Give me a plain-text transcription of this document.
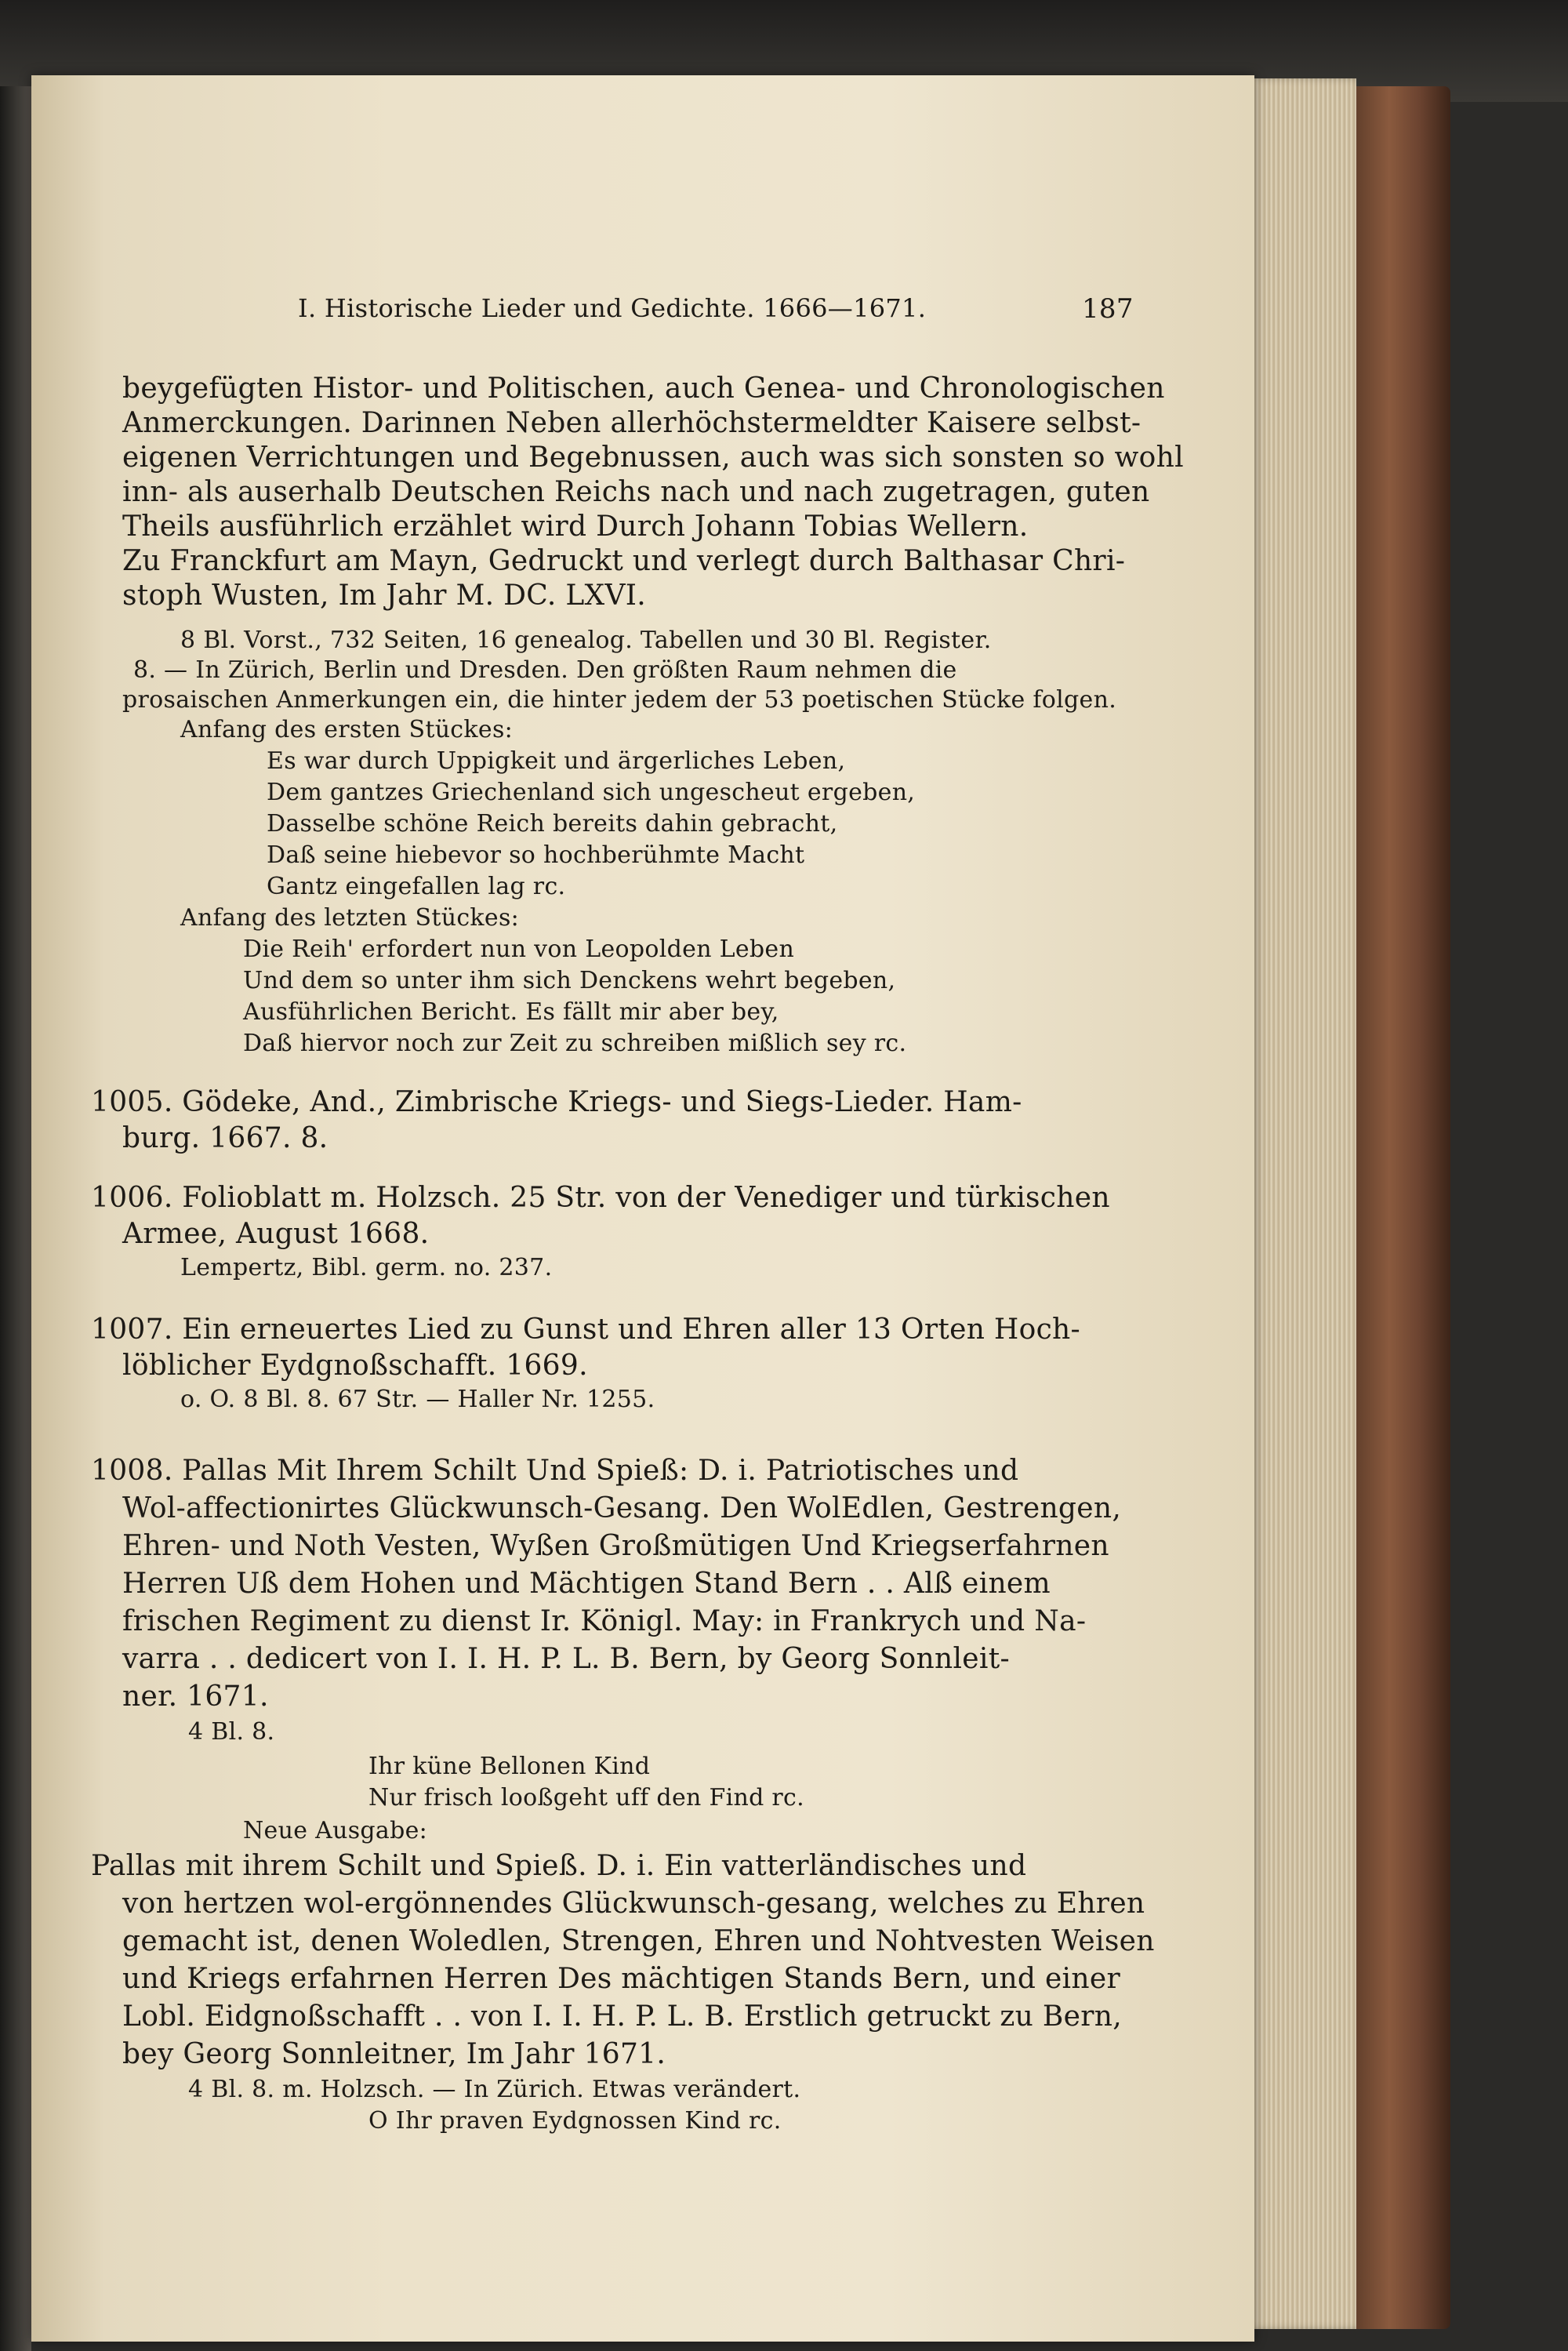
I. Historische Lieder und Gedichte. 1666—1671.	187
beygefügten Histor- und Politischen, auch Genea- und Chronologischen
Anmerckungen. Darinnen Neben allerhöchstermeldter Kaisere selbst-
eigenen Verrichtungen und Begebnussen, auch was sich sonsten so wohl
inn- als auserhalb Deutschen Reichs nach und nach zugetragen, guten
Theils ausführlich erzählet wird Durch Johann Tobias Wellern.
Zu Franckfurt am Mayn, Gedruckt und verlegt durch Balthasar Chri-
stoph Wusten, Im Jahr M. DC. LXVI.
8 Bl. Vorst., 732 Seiten, 16 genealog. Tabellen und 30 Bl. Register.
8. — In Zürich, Berlin und Dresden. Den größten Raum nehmen die
prosaischen Anmerkungen ein, die hinter jedem der 53 poetischen Stücke folgen.
Anfang des ersten Stückes:
Es war durch Uppigkeit und ärgerliches Leben,
Dem gantzes Griechenland sich ungescheut ergeben,
Dasselbe schöne Reich bereits dahin gebracht,
Daß seine hiebevor so hochberühmte Macht
Gantz eingefallen lag rc.
Anfang des letzten Stückes:
Die Reih' erfordert nun von Leopolden Leben
Und dem so unter ihm sich Denckens wehrt begeben,
Ausführlichen Bericht. Es fällt mir aber bey,
Daß hiervor noch zur Zeit zu schreiben mißlich sey rc.
1005. Gödeke, And., Zimbrische Kriegs- und Siegs-Lieder. Ham-
burg. 1667. 8.
1006. Folioblatt m. Holzsch. 25 Str. von der Venediger und türkischen
Armee, August 1668.
Lempertz, Bibl. germ. no. 237.
1007. Ein erneuertes Lied zu Gunst und Ehren aller 13 Orten Hoch-
löblicher Eydgnoßschafft. 1669.
o. O. 8 Bl. 8. 67 Str. — Haller Nr. 1255.
1008. Pallas Mit Ihrem Schilt Und Spieß: D. i. Patriotisches und
Wol-affectionirtes Glückwunsch-Gesang. Den WolEdlen, Gestrengen,
Ehren- und Noth Vesten, Wyßen Großmütigen Und Kriegserfahrnen
Herren Uß dem Hohen und Mächtigen Stand Bern . . Alß einem
frischen Regiment zu dienst Ir. Königl. May: in Frankrych und Na-
varra . . dedicert von I. I. H. P. L. B. Bern, by Georg Sonnleit-
ner. 1671.
4 Bl. 8.
Ihr küne Bellonen Kind
Nur frisch looßgeht uff den Find rc.
Neue Ausgabe:
Pallas mit ihrem Schilt und Spieß. D. i. Ein vatterländisches und
von hertzen wol-ergönnendes Glückwunsch-gesang, welches zu Ehren
gemacht ist, denen Woledlen, Strengen, Ehren und Nohtvesten Weisen
und Kriegs erfahrnen Herren Des mächtigen Stands Bern, und einer
Lobl. Eidgnoßschafft . . von I. I. H. P. L. B. Erstlich getruckt zu Bern,
bey Georg Sonnleitner, Im Jahr 1671.
4 Bl. 8. m. Holzsch. — In Zürich. Etwas verändert.
O Ihr praven Eydgnossen Kind rc.
